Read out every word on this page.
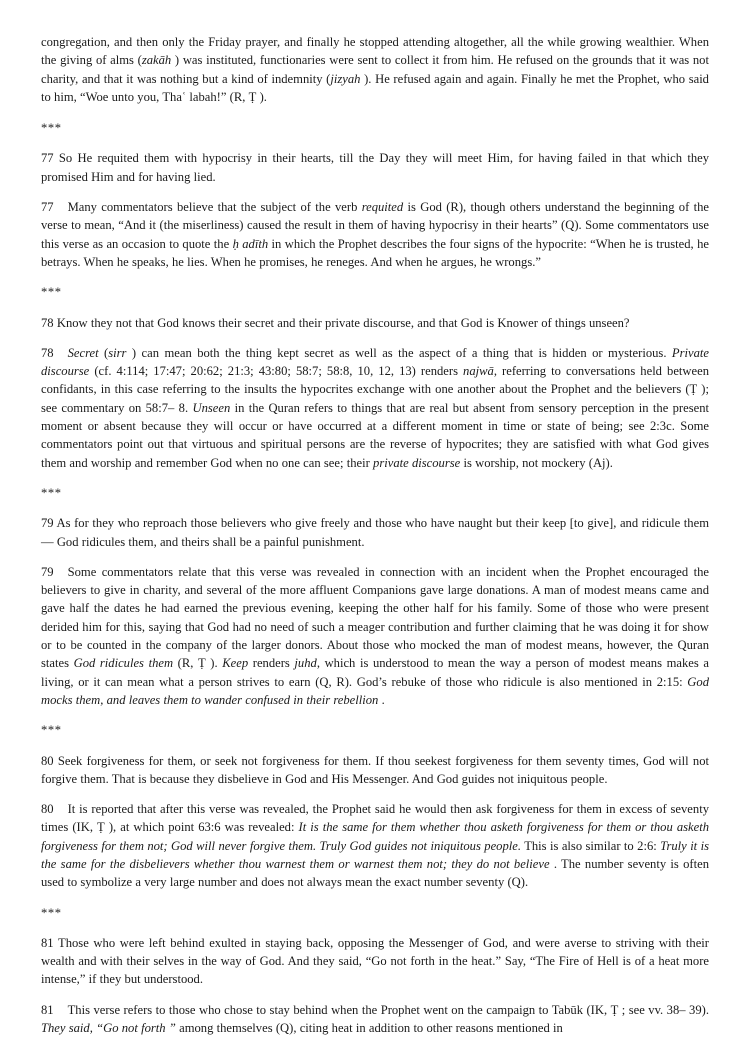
congregation, and then only the Friday prayer, and finally he stopped attending altogether, all the while growing wealthier. When the giving of alms (zakāh ) was instituted, functionaries were sent to collect it from him. He refused on the grounds that it was not charity, and that it was nothing but a kind of indemnity (jizyah ). He refused again and again. Finally he met the Prophet, who said to him, “Woe unto you, Thaʿ labah!” (R, Ṭ ).

***

77 So He requited them with hypocrisy in their hearts, till the Day they will meet Him, for having failed in that which they promised Him and for having lied.

77 Many commentators believe that the subject of the verb requited is God (R), though others understand the beginning of the verse to mean, “And it (the miserliness) caused the result in them of having hypocrisy in their hearts” (Q). Some commentators use this verse as an occasion to quote the ḥ adīth in which the Prophet describes the four signs of the hypocrite: “When he is trusted, he betrays. When he speaks, he lies. When he promises, he reneges. And when he argues, he wrongs.”

***

78 Know they not that God knows their secret and their private discourse, and that God is Knower of things unseen?

78 Secret (sirr ) can mean both the thing kept secret as well as the aspect of a thing that is hidden or mysterious. Private discourse (cf. 4:114; 17:47; 20:62; 21:3; 43:80; 58:7; 58:8, 10, 12, 13) renders najwā, referring to conversations held between confidants, in this case referring to the insults the hypocrites exchange with one another about the Prophet and the believers (Ṭ ); see commentary on 58:7– 8. Unseen in the Quran refers to things that are real but absent from sensory perception in the present moment or absent because they will occur or have occurred at a different moment in time or state of being; see 2:3c. Some commentators point out that virtuous and spiritual persons are the reverse of hypocrites; they are satisfied with what God gives them and worship and remember God when no one can see; their private discourse is worship, not mockery (Aj).

***

79 As for they who reproach those believers who give freely and those who have naught but their keep [to give], and ridicule them— God ridicules them, and theirs shall be a painful punishment.

79 Some commentators relate that this verse was revealed in connection with an incident when the Prophet encouraged the believers to give in charity, and several of the more affluent Companions gave large donations. A man of modest means came and gave half the dates he had earned the previous evening, keeping the other half for his family. Some of those who were present derided him for this, saying that God had no need of such a meager contribution and further claiming that he was doing it for show or to be counted in the company of the larger donors. About those who mocked the man of modest means, however, the Quran states God ridicules them (R, Ṭ ). Keep renders juhd, which is understood to mean the way a person of modest means makes a living, or it can mean what a person strives to earn (Q, R). God’s rebuke of those who ridicule is also mentioned in 2:15: God mocks them, and leaves them to wander confused in their rebellion .

***

80 Seek forgiveness for them, or seek not forgiveness for them. If thou seekest forgiveness for them seventy times, God will not forgive them. That is because they disbelieve in God and His Messenger. And God guides not iniquitous people.

80 It is reported that after this verse was revealed, the Prophet said he would then ask forgiveness for them in excess of seventy times (IK, Ṭ ), at which point 63:6 was revealed: It is the same for them whether thou asketh forgiveness for them or thou asketh forgiveness for them not; God will never forgive them. Truly God guides not iniquitous people. This is also similar to 2:6: Truly it is the same for the disbelievers whether thou warnest them or warnest them not; they do not believe . The number seventy is often used to symbolize a very large number and does not always mean the exact number seventy (Q).

***

81 Those who were left behind exulted in staying back, opposing the Messenger of God, and were averse to striving with their wealth and with their selves in the way of God. And they said, “Go not forth in the heat.” Say, “The Fire of Hell is of a heat more intense,” if they but understood.

81 This verse refers to those who chose to stay behind when the Prophet went on the campaign to Tabūk (IK, Ṭ ; see vv. 38– 39). They said, “Go not forth ” among themselves (Q), citing heat in addition to other reasons mentioned in
